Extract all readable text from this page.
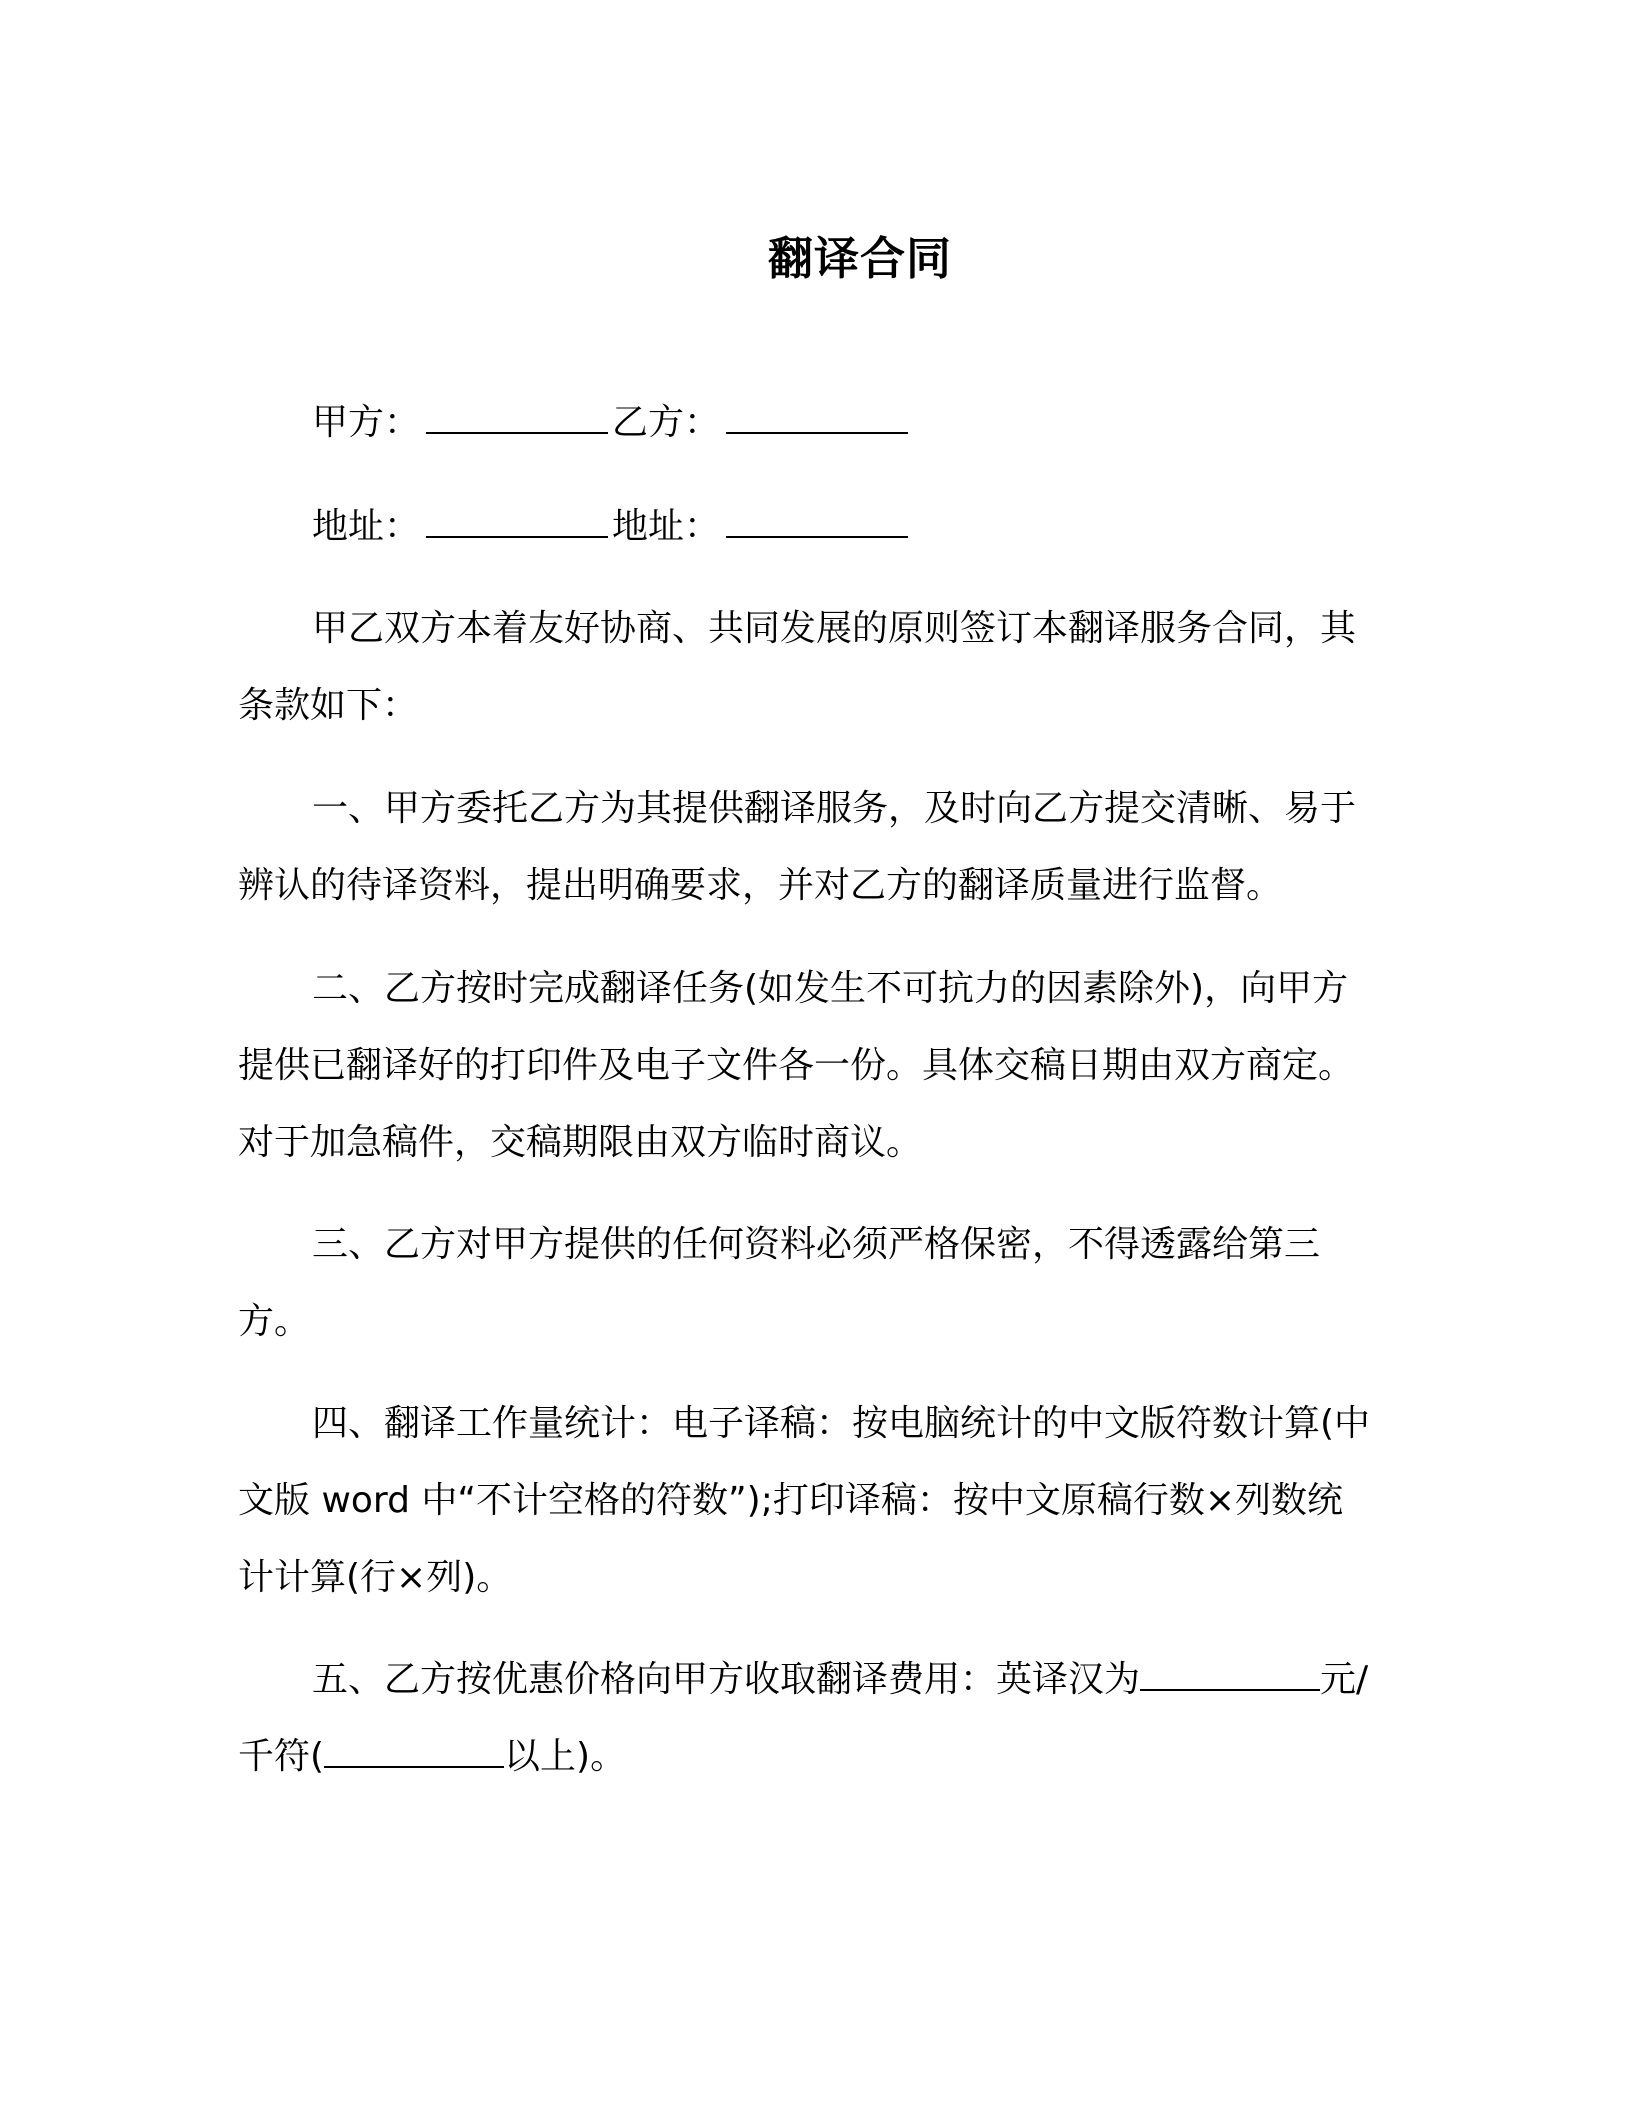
翻译合同
甲方：	乙方：
地址：	地址：
甲乙双方本着友好协商、共同发展的原则签订本翻译服务合同，其条款如下：
一、甲方委托乙方为其提供翻译服务，及时向乙方提交清晰、易于辨认的待译资料，提出明确要求，并对乙方的翻译质量进行监督。
二、乙方按时完成翻译任务(如发生不可抗力的因素除外)，向甲方提供已翻译好的打印件及电子文件各一份。具体交稿日期由双方商定。对于加急稿件，交稿期限由双方临时商议。
三、乙方对甲方提供的任何资料必须严格保密，不得透露给第三方。
四、翻译工作量统计：电子译稿：按电脑统计的中文版符数计算(中文版 word 中“不计空格的符数”);打印译稿：按中文原稿行数×列数统计计算(行×列)。
五、乙方按优惠价格向甲方收取翻译费用：英译汉为	元/千符(	以上)。
